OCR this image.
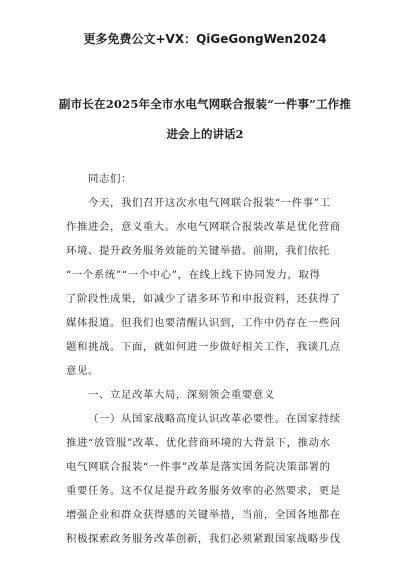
更多免费公文+VX：QiGeGongWen2024
副市长在2025年全市水电气网联合报装“一件事”工作推
进会上的讲话2
同志们：
今天，我们召开这次水电气网联合报装“一件事”工
作推进会，意义重大。水电气网联合报装改革是优化营商
环境、提升政务服务效能的关键举措。前期，我们依托
“一个系统”“一个中心”，在线上线下协同发力，取得
了阶段性成果，如减少了诸多环节和申报资料，还获得了
媒体报道。但我们也要清醒认识到，工作中仍存在一些问
题和挑战。下面，就如何进一步做好相关工作，我谈几点
意见。
一、立足改革大局，深刻领会重要意义
（一）从国家战略高度认识改革必要性。在国家持续
推进“放管服”改革、优化营商环境的大背景下，推动水
电气网联合报装“一件事”改革是落实国务院决策部署的
重要任务。这不仅是提升政务服务效率的必然要求，更是
增强企业和群众获得感的关键举措，当前，全国各地都在
积极探索政务服务改革创新，我们必须紧跟国家战略步伐
